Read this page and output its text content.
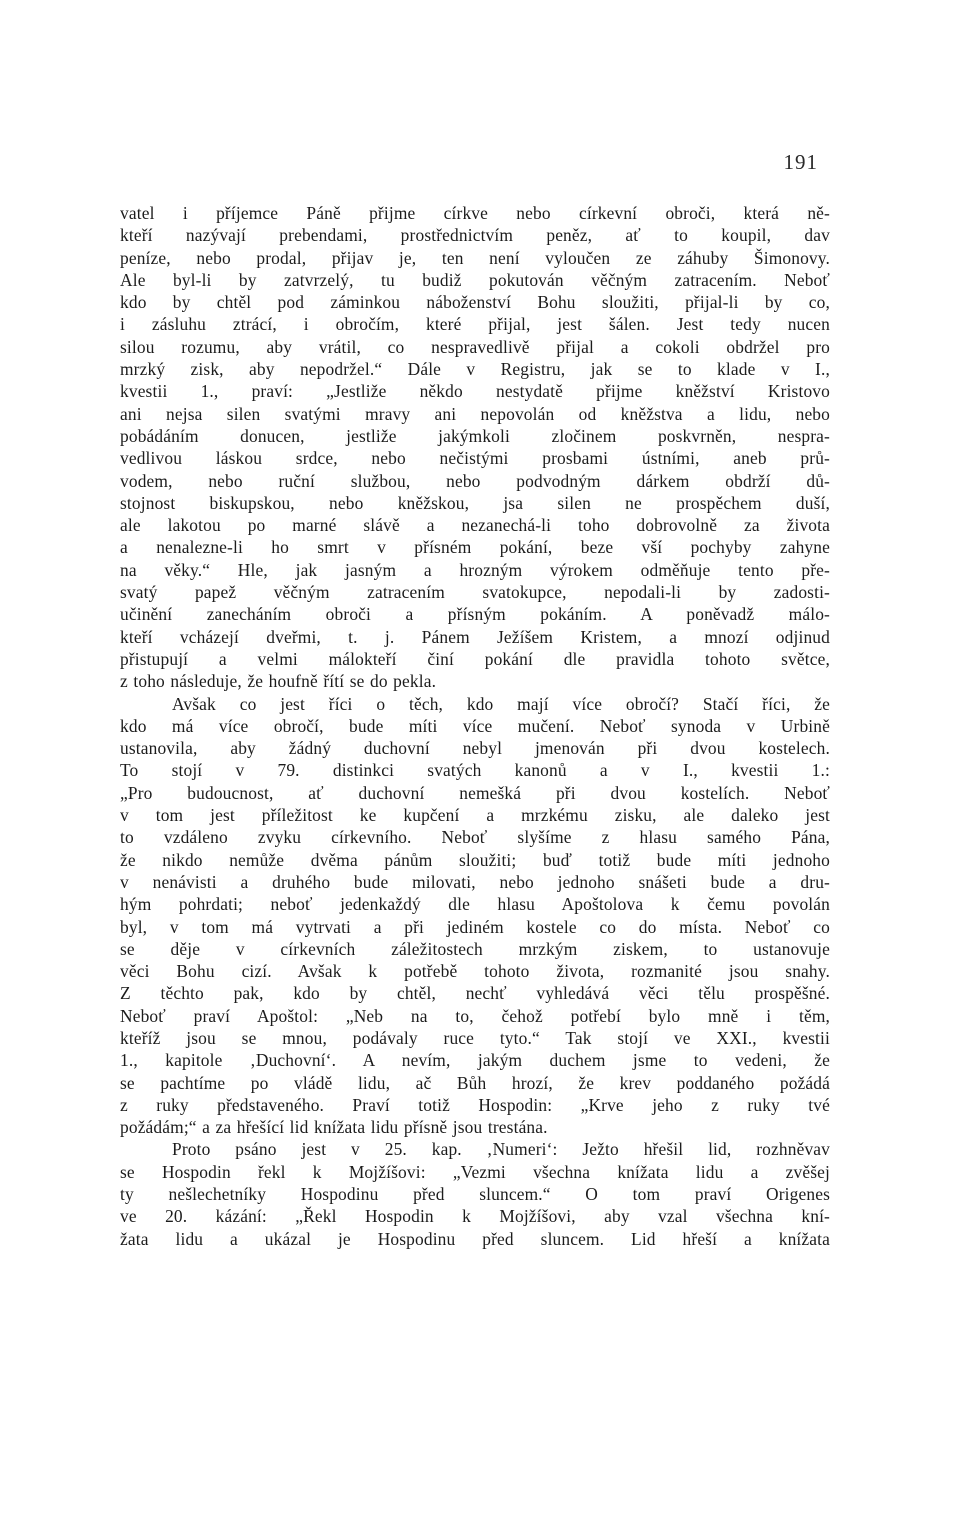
191
vatel i příjemce Páně přijme církve nebo církevní obroči, která ně-
kteří nazývají prebendami, prostřednictvím peněz, ať to koupil, dav
peníze, nebo prodal, přijav je, ten není vyloučen ze záhuby Šimonovy.
Ale byl-li by zatvrzelý, tu budiž pokutován věčným zatracením. Neboť
kdo by chtěl pod záminkou náboženství Bohu sloužiti, přijal-li by co,
i zásluhu ztrácí, i obročím, které přijal, jest šálen. Jest tedy nucen
silou rozumu, aby vrátil, co nespravedlivě přijal a cokoli obdržel pro
mrzký zisk, aby nepodržel.“ Dále v Registru, jak se to klade v I.,
kvestii 1., praví: „Jestliže někdo nestydatě přijme kněžství Kristovo
ani nejsa silen svatými mravy ani nepovolán od kněžstva a lidu, nebo
pobádáním donucen, jestliže jakýmkoli zločinem poskvrněn, nespra-
vedlivou láskou srdce, nebo nečistými prosbami ústními, aneb prů-
vodem, nebo ruční službou, nebo podvodným dárkem obdrží dů-
stojnost biskupskou, nebo kněžskou, jsa silen ne prospěchem duší,
ale lakotou po marné slávě a nezanechá-li toho dobrovolně za života
a nenalezne-li ho smrt v přísném pokání, beze vší pochyby zahyne
na věky.“ Hle, jak jasným a hrozným výrokem odměňuje tento pře-
svatý papež věčným zatracením svatokupce, nepodali-li by zadosti-
učinění zanecháním obroči a přísným pokáním. A poněvadž málo-
kteří vcházejí dveřmi, t. j. Pánem Ježíšem Kristem, a mnozí odjinud
přistupují a velmi málokteří činí pokání dle pravidla tohoto světce,
z toho následuje, že houfně řítí se do pekla.
Avšak co jest říci o těch, kdo mají více obročí? Stačí říci, že
kdo má více obročí, bude míti více mučení. Neboť synoda v Urbině
ustanovila, aby žádný duchovní nebyl jmenován při dvou kostelech.
To stojí v 79. distinkci svatých kanonů a v I., kvestii 1.:
„Pro budoucnost, ať duchovní nemešká při dvou kostelích. Neboť
v tom jest příležitost ke kupčení a mrzkému zisku, ale daleko jest
to vzdáleno zvyku církevního. Neboť slyšíme z hlasu samého Pána,
že nikdo nemůže dvěma pánům sloužiti; buď totiž bude míti jednoho
v nenávisti a druhého bude milovati, nebo jednoho snášeti bude a dru-
hým pohrdati; neboť jedenkaždý dle hlasu Apoštolova k čemu povolán
byl, v tom má vytrvati a při jediném kostele co do místa. Neboť co
se děje v církevních záležitostech mrzkým ziskem, to ustanovuje
věci Bohu cizí. Avšak k potřebě tohoto života, rozmanité jsou snahy.
Z těchto pak, kdo by chtěl, nechť vyhledává věci tělu prospěšné.
Neboť praví Apoštol: „Neb na to, čehož potřebí bylo mně i těm,
kteříž jsou se mnou, podávaly ruce tyto.“ Tak stojí ve XXI., kvestii
1., kapitole ‚Duchovní‘. A nevím, jakým duchem jsme to vedeni, že
se pachtíme po vládě lidu, ač Bůh hrozí, že krev poddaného požádá
z ruky představeného. Praví totiž Hospodin: „Krve jeho z ruky tvé
požádám;“ a za hřešící lid knížata lidu přísně jsou trestána.
Proto psáno jest v 25. kap. ‚Numeri‘: Ježto hřešil lid, rozhněvav
se Hospodin řekl k Mojžíšovi: „Vezmi všechna knížata lidu a zvěšej
ty nešlechetníky Hospodinu před sluncem.“ O tom praví Origenes
ve 20. kázání: „Řekl Hospodin k Mojžíšovi, aby vzal všechna kní-
žata lidu a ukázal je Hospodinu před sluncem. Lid hřeší a knížata
